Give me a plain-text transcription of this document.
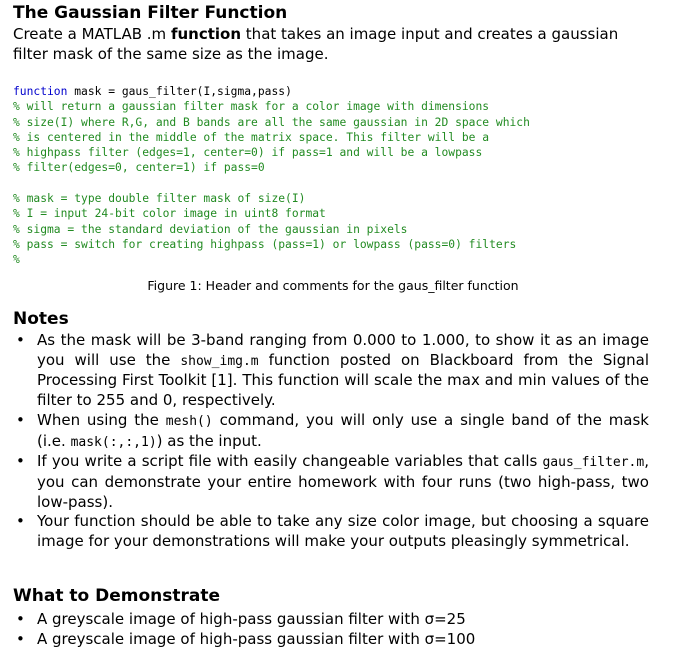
The Gaussian Filter Function
Create a MATLAB .m function that takes an image input and creates a gaussian filter mask of the same size as the image.
function mask = gaus_filter(I,sigma,pass)
% will return a gaussian filter mask for a color image with dimensions
% size(I) where R,G, and B bands are all the same gaussian in 2D space which
% is centered in the middle of the matrix space. This filter will be a
% highpass filter (edges=1, center=0) if pass=1 and will be a lowpass
% filter(edges=0, center=1) if pass=0

% mask = type double filter mask of size(I)
% I = input 24-bit color image in uint8 format
% sigma = the standard deviation of the gaussian in pixels
% pass = switch for creating highpass (pass=1) or lowpass (pass=0) filters
%
Figure 1: Header and comments for the gaus_filter function
Notes
• As the mask will be 3-band ranging from 0.000 to 1.000, to show it as an image you will use the show_img.m function posted on Blackboard from the Signal Processing First Toolkit [1]. This function will scale the max and min values of the filter to 255 and 0, respectively.
• When using the mesh() command, you will only use a single band of the mask (i.e. mask(:,:,1)) as the input.
• If you write a script file with easily changeable variables that calls gaus_filter.m, you can demonstrate your entire homework with four runs (two high-pass, two low-pass).
• Your function should be able to take any size color image, but choosing a square image for your demonstrations will make your outputs pleasingly symmetrical.
What to Demonstrate
• A greyscale image of high-pass gaussian filter with σ=25
• A greyscale image of high-pass gaussian filter with σ=100
